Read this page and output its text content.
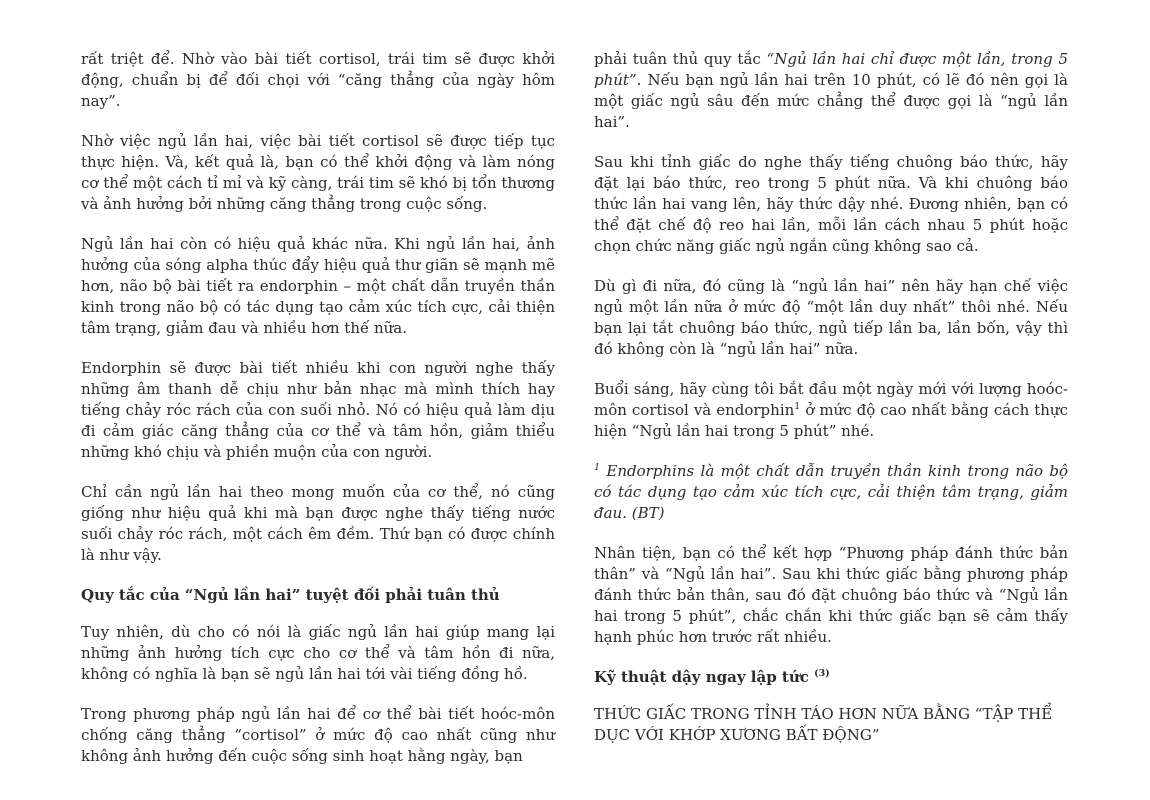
rất triệt để. Nhờ vào bài tiết cortisol, trái tim sẽ được khởi động, chuẩn bị để đối chọi với “căng thẳng của ngày hôm nay”.

Nhờ việc ngủ lần hai, việc bài tiết cortisol sẽ được tiếp tục thực hiện. Và, kết quả là, bạn có thể khởi động và làm nóng cơ thể một cách tỉ mỉ và kỹ càng, trái tim sẽ khó bị tổn thương và ảnh hưởng bởi những căng thẳng trong cuộc sống.

Ngủ lần hai còn có hiệu quả khác nữa. Khi ngủ lần hai, ảnh hưởng của sóng alpha thúc đẩy hiệu quả thư giãn sẽ mạnh mẽ hơn, não bộ bài tiết ra endorphin – một chất dẫn truyền thần kinh trong não bộ có tác dụng tạo cảm xúc tích cực, cải thiện tâm trạng, giảm đau và nhiều hơn thế nữa.

Endorphin sẽ được bài tiết nhiều khi con người nghe thấy những âm thanh dễ chịu như bản nhạc mà mình thích hay tiếng chảy róc rách của con suối nhỏ. Nó có hiệu quả làm dịu đi cảm giác căng thẳng của cơ thể và tâm hồn, giảm thiểu những khó chịu và phiền muộn của con người.

Chỉ cần ngủ lần hai theo mong muốn của cơ thể, nó cũng giống như hiệu quả khi mà bạn được nghe thấy tiếng nước suối chảy róc rách, một cách êm đềm. Thứ bạn có được chính là như vậy.

Quy tắc của “Ngủ lần hai” tuyệt đối phải tuân thủ

Tuy nhiên, dù cho có nói là giấc ngủ lần hai giúp mang lại những ảnh hưởng tích cực cho cơ thể và tâm hồn đi nữa, không có nghĩa là bạn sẽ ngủ lần hai tới vài tiếng đồng hồ.

Trong phương pháp ngủ lần hai để cơ thể bài tiết hoóc-môn chống căng thẳng “cortisol” ở mức độ cao nhất cũng như không ảnh hưởng đến cuộc sống sinh hoạt hằng ngày, bạn

phải tuân thủ quy tắc “Ngủ lần hai chỉ được một lần, trong 5 phút”. Nếu bạn ngủ lần hai trên 10 phút, có lẽ đó nên gọi là một giấc ngủ sâu đến mức chẳng thể được gọi là “ngủ lần hai”.

Sau khi tỉnh giấc do nghe thấy tiếng chuông báo thức, hãy đặt lại báo thức, reo trong 5 phút nữa. Và khi chuông báo thức lần hai vang lên, hãy thức dậy nhé. Đương nhiên, bạn có thể đặt chế độ reo hai lần, mỗi lần cách nhau 5 phút hoặc chọn chức năng giấc ngủ ngắn cũng không sao cả.

Dù gì đi nữa, đó cũng là “ngủ lần hai” nên hãy hạn chế việc ngủ một lần nữa ở mức độ “một lần duy nhất” thôi nhé. Nếu bạn lại tắt chuông báo thức, ngủ tiếp lần ba, lần bốn, vậy thì đó không còn là “ngủ lần hai” nữa.

Buổi sáng, hãy cùng tôi bắt đầu một ngày mới với lượng hoóc-môn cortisol và endorphin$^1$ ở mức độ cao nhất bằng cách thực hiện “Ngủ lần hai trong 5 phút” nhé.

$^1$ Endorphins là một chất dẫn truyền thần kinh trong não bộ có tác dụng tạo cảm xúc tích cực, cải thiện tâm trạng, giảm đau. (BT)

Nhân tiện, bạn có thể kết hợp “Phương pháp đánh thức bản thân” và “Ngủ lần hai”. Sau khi thức giấc bằng phương pháp đánh thức bản thân, sau đó đặt chuông báo thức và “Ngủ lần hai trong 5 phút”, chắc chắn khi thức giấc bạn sẽ cảm thấy hạnh phúc hơn trước rất nhiều.

Kỹ thuật dậy ngay lập tức $^{(3)}$

THỨC GIẤC TRONG TỈNH TÁO HƠN NỮA BẰNG “TẬP THỂ DỤC VỚI KHỚP XƯƠNG BẤT ĐỘNG”
